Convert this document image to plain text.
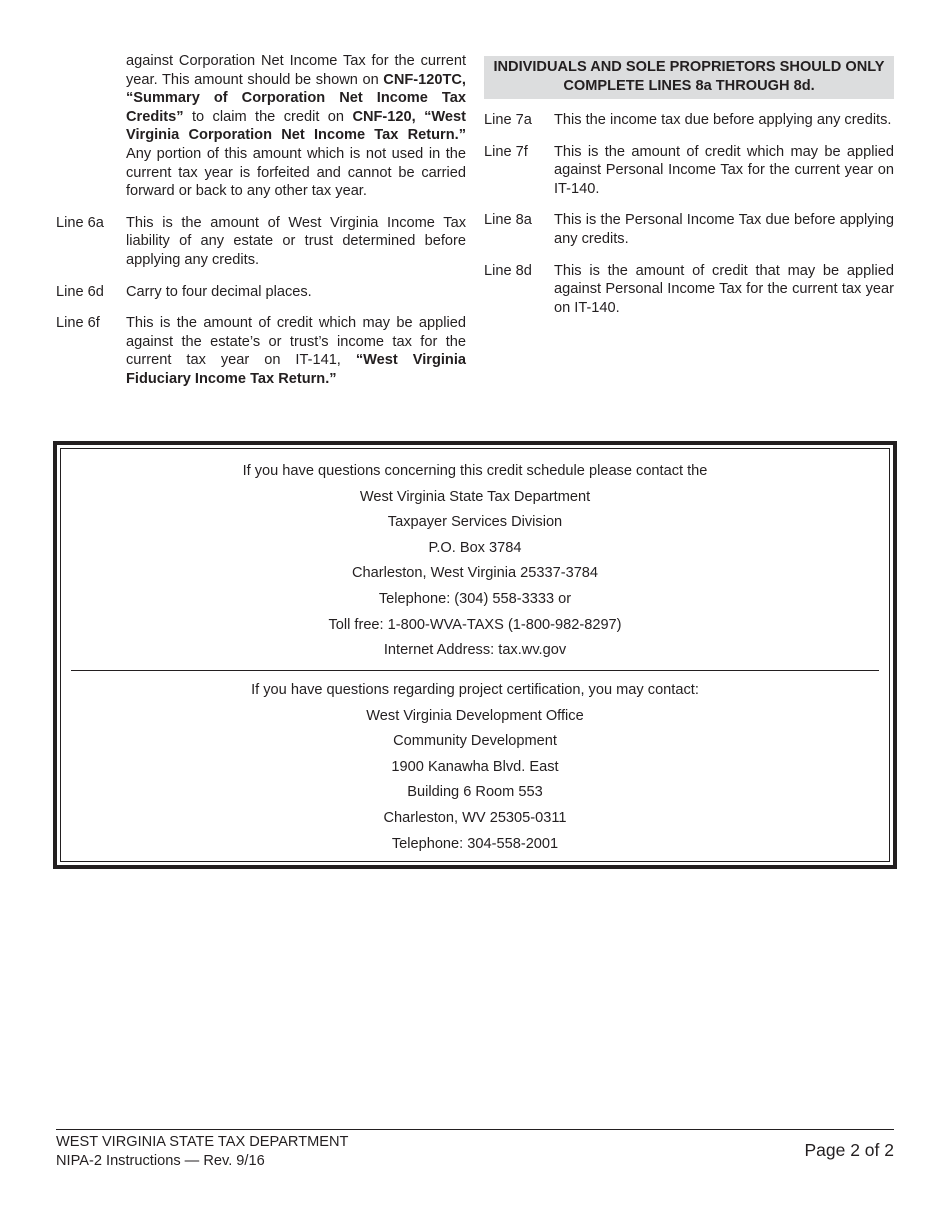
against Corporation Net Income Tax for the current year. This amount should be shown on CNF-120TC, “Summary of Corporation Net Income Tax Credits” to claim the credit on CNF-120, “West Virginia Corporation Net Income Tax Return.” Any portion of this amount which is not used in the current tax year is forfeited and cannot be carried forward or back to any other tax year.
Line 6a	This is the amount of West Virginia Income Tax liability of any estate or trust determined before applying any credits.
Line 6d	Carry to four decimal places.
Line 6f	This is the amount of credit which may be applied against the estate’s or trust’s income tax for the current tax year on IT-141, “West Virginia Fiduciary Income Tax Return.”
INDIVIDUALS AND SOLE PROPRIETORS SHOULD ONLY COMPLETE LINES 8a THROUGH 8d.
Line 7a	This the income tax due before applying any credits.
Line 7f	This is the amount of credit which may be applied against Personal Income Tax for the current year on IT-140.
Line 8a	This is the Personal Income Tax due before applying any credits.
Line 8d	This is the amount of credit that may be applied against Personal Income Tax for the current tax year on IT-140.
If you have questions concerning this credit schedule please contact the
West Virginia State Tax Department
Taxpayer Services Division
P.O. Box 3784
Charleston, West Virginia 25337-3784
Telephone: (304) 558-3333 or
Toll free: 1-800-WVA-TAXS (1-800-982-8297)
Internet Address: tax.wv.gov
If you have questions regarding project certification, you may contact:
West Virginia Development Office
Community Development
1900 Kanawha Blvd. East
Building 6 Room 553
Charleston, WV 25305-0311
Telephone: 304-558-2001
WEST VIRGINIA STATE TAX DEPARTMENT
NIPA-2 Instructions — Rev. 9/16
Page 2 of 2
